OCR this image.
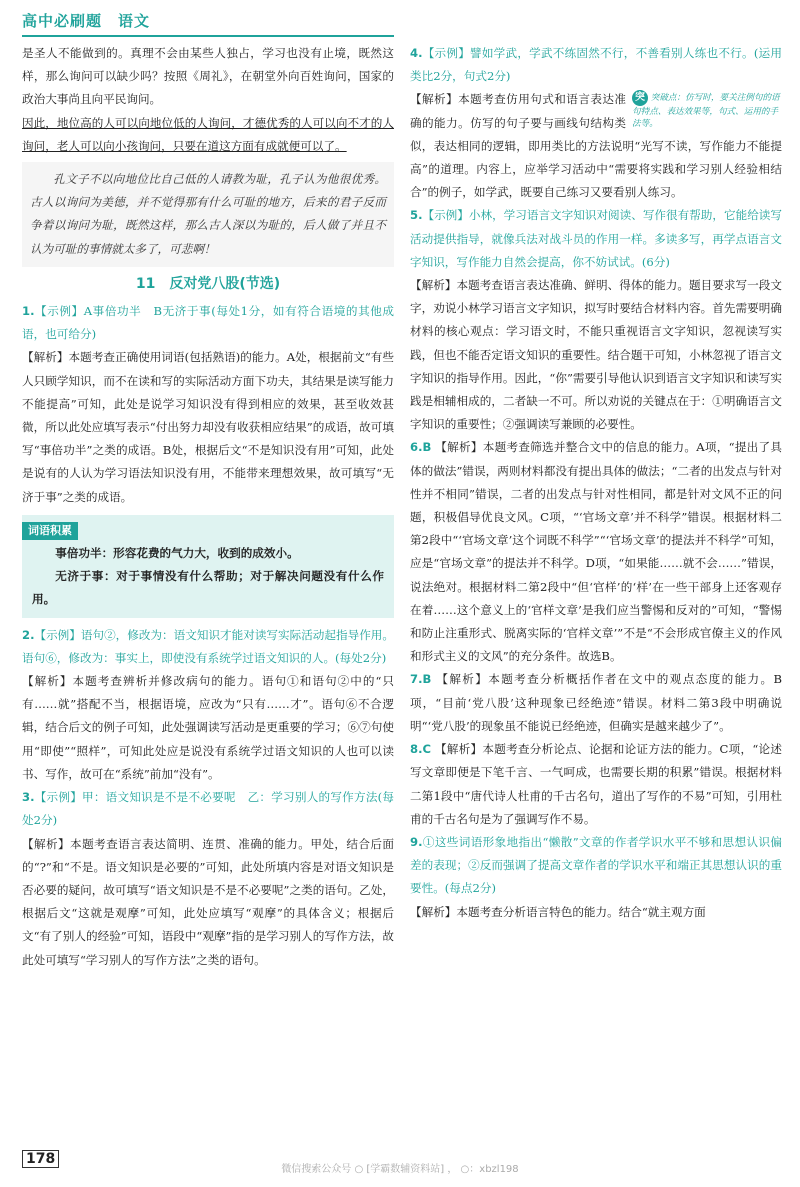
高中必刷题　语文

是圣人不能做到的。真理不会由某些人独占，学习也没有止境，既然这样，那么询问可以缺少吗？按照《周礼》，在朝堂外向百姓询问，国家的政治大事尚且向平民询问。

因此，地位高的人可以向地位低的人询问，才德优秀的人可以向不才的人询问，老人可以向小孩询问，只要在道这方面有成就便可以了。

孔文子不以向地位比自己低的人请教为耻，孔子认为他很优秀。古人以询问为美德，并不觉得那有什么可耻的地方，后来的君子反而争着以询问为耻，既然这样，那么古人深以为耻的，后人做了并且不认为可耻的事情就太多了，可悲啊！

11　反对党八股(节选)

1.【示例】A事倍功半　B无济于事(每处1分，如有符合语境的其他成语，也可给分)

【解析】本题考查正确使用词语(包括熟语)的能力。A处，根据前文“有些人只顾学知识，而不在读和写的实际活动方面下功夫，其结果是读写能力不能提高”可知，此处是说学习知识没有得到相应的效果，甚至收效甚微，所以此处应填写表示“付出努力却没有收获相应结果”的成语，故可填写“事倍功半”之类的成语。B处，根据后文“不是知识没有用”可知，此处是说有的人认为学习语法知识没有用，不能带来理想效果，故可填写“无济于事”之类的成语。

词语积累

事倍功半：形容花费的气力大，收到的成效小。

无济于事：对于事情没有什么帮助；对于解决问题没有什么作用。

2.【示例】语句②，修改为：语文知识才能对读写实际活动起指导作用。语句⑥，修改为：事实上，即使没有系统学过语文知识的人。(每处2分)

【解析】本题考查辨析并修改病句的能力。语句①和语句②中的“只有……就”搭配不当，根据语境，应改为“只有……才”。语句⑥不合逻辑，结合后文的例子可知，此处强调读写活动是更重要的学习；⑥⑦句使用“即使”“照样”，可知此处应是说没有系统学过语文知识的人也可以读书、写作，故可在“系统”前加“没有”。

3.【示例】甲：语文知识是不是不必要呢　乙：学习别人的写作方法(每处2分)

【解析】本题考查语言表达简明、连贯、准确的能力。甲处，结合后面的“?”和“不是。语文知识是必要的”可知，此处所填内容是对语文知识是否必要的疑问，故可填写“语文知识是不是不必要呢”之类的语句。乙处，根据后文“这就是观摩”可知，此处应填写“观摩”的具体含义；根据后文“有了别人的经验”可知，语段中“观摩”指的是学习别人的写作方法，故此处可填写“学习别人的写作方法”之类的语句。

4.【示例】譬如学武，学武不练固然不行，不善看别人练也不行。(运用类比2分，句式2分)

突 突破点：仿写时，要关注例句的语句特点、表达效果等，句式、运用的手法等。

【解析】本题考查仿用句式和语言表达准确的能力。仿写的句子要与画线句结构类似，表达相同的逻辑，即用类比的方法说明“光写不读，写作能力不能提高”的道理。内容上，应举学习活动中“需要将实践和学习别人经验相结合”的例子，如学武，既要自己练习又要看别人练习。

5.【示例】小林，学习语言文字知识对阅读、写作很有帮助，它能给读写活动提供指导，就像兵法对战斗员的作用一样。多读多写，再学点语言文字知识，写作能力自然会提高，你不妨试试。(6分)

【解析】本题考查语言表达准确、鲜明、得体的能力。题目要求写一段文字，劝说小林学习语言文字知识，拟写时要结合材料内容。首先需要明确材料的核心观点：学习语文时，不能只重视语言文字知识，忽视读写实践，但也不能否定语文知识的重要性。结合题干可知，小林忽视了语言文字知识的指导作用。因此，“你”需要引导他认识到语言文字知识和读写实践是相辅相成的，二者缺一不可。所以劝说的关键点在于：①明确语言文字知识的重要性；②强调读写兼顾的必要性。

6.B 【解析】本题考查筛选并整合文中的信息的能力。A项，“提出了具体的做法”错误，两则材料都没有提出具体的做法；“二者的出发点与针对性并不相同”错误，二者的出发点与针对性相同，都是针对文风不正的问题，积极倡导优良文风。C项，“‘官场文章’并不科学”错误。根据材料二第2段中“‘官场文章’这个词既不科学”“‘官场文章’的提法并不科学”可知，应是“官场文章”的提法并不科学。D项，“如果能……就不会……”错误，说法绝对。根据材料二第2段中“但‘官样’的‘样’在一些干部身上还客观存在着……这个意义上的‘官样文章’是我们应当警惕和反对的”可知，“警惕和防止注重形式、脱离实际的‘官样文章’”不是“不会形成官僚主义的作风和形式主义的文风”的充分条件。故选B。

7.B 【解析】本题考查分析概括作者在文中的观点态度的能力。B项，“目前‘党八股’这种现象已经绝迹”错误。材料二第3段中明确说明“‘党八股’的现象虽不能说已经绝迹，但确实是越来越少了”。

8.C 【解析】本题考查分析论点、论据和论证方法的能力。C项，“论述写文章即便是下笔千言、一气呵成，也需要长期的积累”错误。根据材料二第1段中“唐代诗人杜甫的千古名句，道出了写作的不易”可知，引用杜甫的千古名句是为了强调写作不易。

9.①这些词语形象地指出“懒散”文章的作者学识水平不够和思想认识偏差的表现；②反而强调了提高文章作者的学识水平和端正其思想认识的重要性。(每点2分)

【解析】本题考查分析语言特色的能力。结合“就主观方面

178
微信搜索公众号 ○ [学霸数辅资料站] ， ○：xbzl198
